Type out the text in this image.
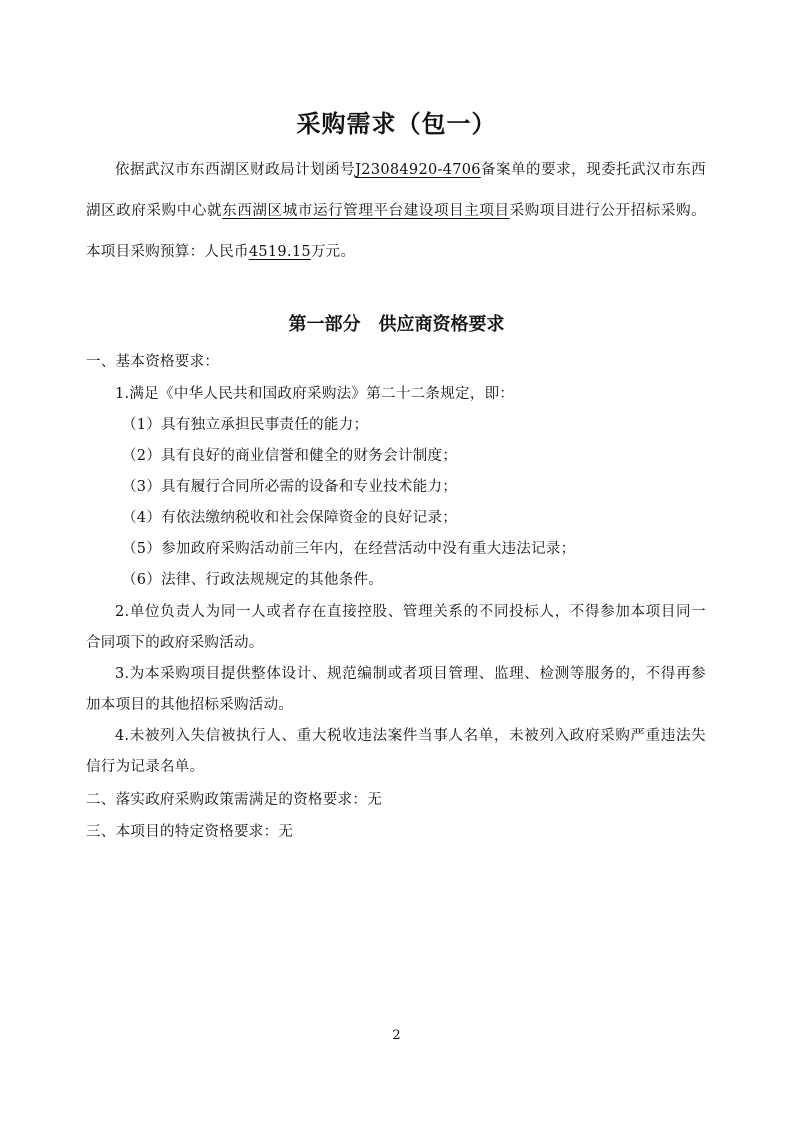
采购需求（包一）
依据武汉市东西湖区财政局计划函号J23084920-4706备案单的要求，现委托武汉市东西湖区政府采购中心就东西湖区城市运行管理平台建设项目主项目采购项目进行公开招标采购。本项目采购预算：人民币4519.15万元。
第一部分　供应商资格要求
一、基本资格要求：
1.满足《中华人民共和国政府采购法》第二十二条规定，即：
（1）具有独立承担民事责任的能力；
（2）具有良好的商业信誉和健全的财务会计制度；
（3）具有履行合同所必需的设备和专业技术能力；
（4）有依法缴纳税收和社会保障资金的良好记录；
（5）参加政府采购活动前三年内，在经营活动中没有重大违法记录；
（6）法律、行政法规规定的其他条件。
2.单位负责人为同一人或者存在直接控股、管理关系的不同投标人，不得参加本项目同一合同项下的政府采购活动。
3.为本采购项目提供整体设计、规范编制或者项目管理、监理、检测等服务的，不得再参加本项目的其他招标采购活动。
4.未被列入失信被执行人、重大税收违法案件当事人名单，未被列入政府采购严重违法失信行为记录名单。
二、落实政府采购政策需满足的资格要求：无
三、本项目的特定资格要求：无
2
